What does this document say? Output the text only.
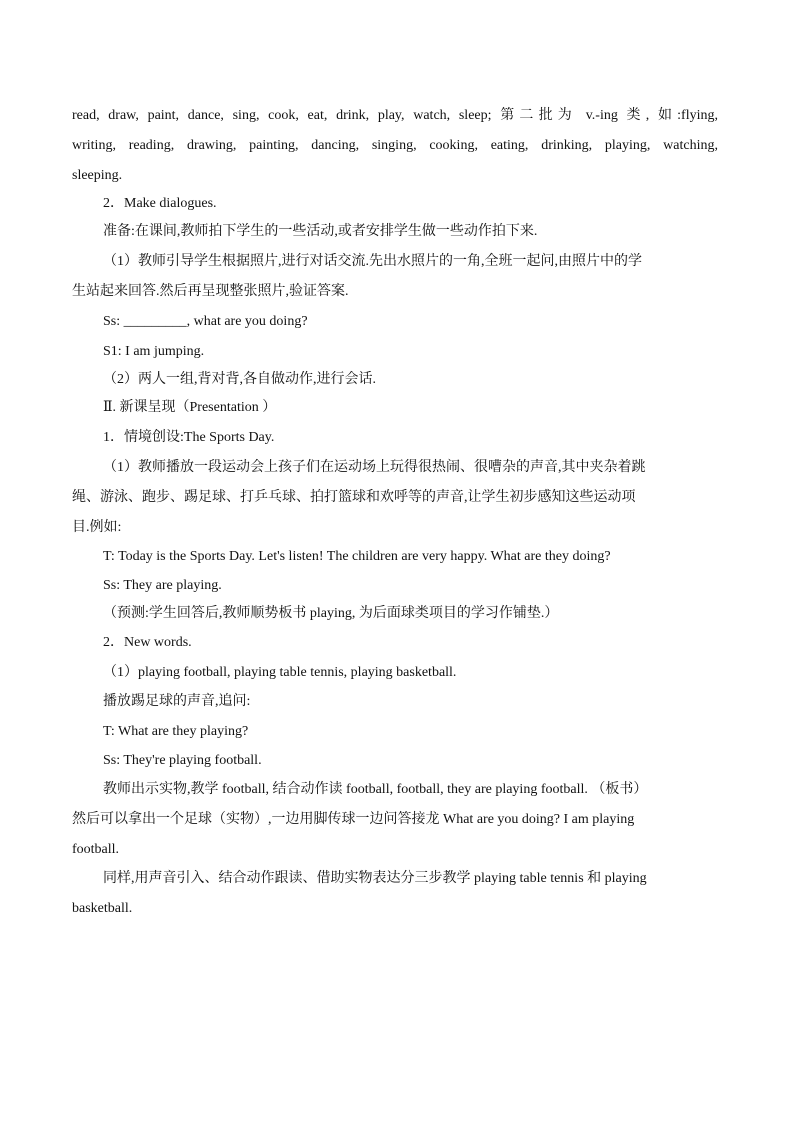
read, draw, paint, dance, sing, cook, eat, drink, play, watch, sleep; 第二批为 v.-ing 类, 如:flying,
writing, reading, drawing, painting, dancing, singing, cooking, eating, drinking, playing, watching,
sleeping.
2．Make dialogues.
准备:在课间,教师拍下学生的一些活动,或者安排学生做一些动作拍下来.
（1）教师引导学生根据照片,进行对话交流.先出水照片的一角,全班一起问,由照片中的学
生站起来回答.然后再呈现整张照片,验证答案.
Ss: _________, what are you doing?
S1: I am jumping.
（2）两人一组,背对背,各自做动作,进行会话.
Ⅱ. 新课呈现（Presentation ）
1．情境创设:The Sports Day.
（1）教师播放一段运动会上孩子们在运动场上玩得很热闹、很嘈杂的声音,其中夹杂着跳
绳、游泳、跑步、踢足球、打乒乓球、拍打篮球和欢呼等的声音,让学生初步感知这些运动项
目.例如:
T: Today is the Sports Day. Let's listen! The children are very happy. What are they doing?
Ss: They are playing.
（预测:学生回答后,教师顺势板书 playing, 为后面球类项目的学习作铺垫.）
2．New words.
（1）playing football, playing table tennis, playing basketball.
播放踢足球的声音,追问:
T: What are they playing?
Ss: They're playing football.
教师出示实物,教学 football, 结合动作读 football, football, they are playing football. （板书）
然后可以拿出一个足球（实物）,一边用脚传球一边问答接龙 What are you doing? I am playing
football.
同样,用声音引入、结合动作跟读、借助实物表达分三步教学 playing table tennis 和 playing
basketball.
